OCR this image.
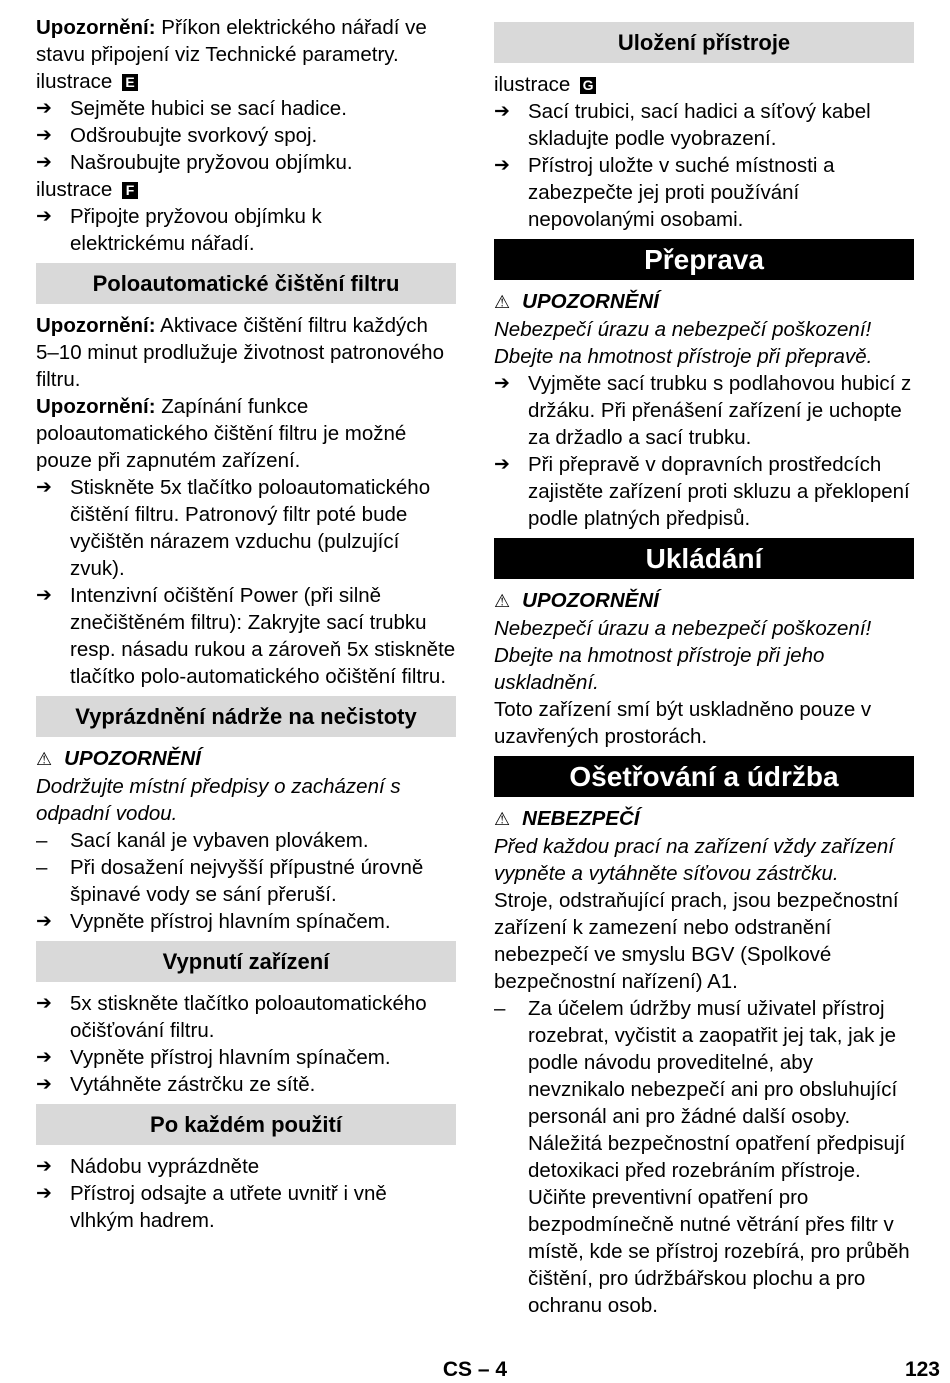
Upozornění: Příkon elektrického nářadí ve stavu připojení viz Technické parametry.

ilustrace E

➔ Sejměte hubici se sací hadice.
➔ Odšroubujte svorkový spoj.
➔ Našroubujte pryžovou objímku.

ilustrace F

➔ Připojte pryžovou objímku k elektrickému nářadí.
Poloautomatické čištění filtru

Upozornění: Aktivace čištění filtru každých 5–10 minut prodlužuje životnost patronového filtru.

Upozornění: Zapínání funkce poloautomatického čištění filtru je možné pouze při zapnutém zařízení.

➔ Stiskněte 5x tlačítko poloautomatického čištění filtru. Patronový filtr poté bude vyčištěn nárazem vzduchu (pulzující zvuk).
➔ Intenzivní očištění Power (při silně znečištěném filtru): Zakryjte sací trubku resp. násadu rukou a zároveň 5x stiskněte tlačítko polo-automatického očištění filtru.
Vyprázdnění nádrže na nečistoty
⚠ UPOZORNĚNÍ

Dodržujte místní předpisy o zacházení s odpadní vodou.

–	Sací kanál je vybaven plovákem.
–	Při dosažení nejvyšší přípustné úrovně špinavé vody se sání přeruší.
➔ Vypněte přístroj hlavním spínačem.
Vypnutí zařízení
➔ 5x stiskněte tlačítko poloautomatického očišťování filtru.
➔ Vypněte přístroj hlavním spínačem.
➔ Vytáhněte zástrčku ze sítě.
Po každém použití
➔ Nádobu vyprázdněte
➔ Přístroj odsajte a utřete uvnitř i vně vlhkým hadrem.
Uložení přístroje

ilustrace G

➔ Sací trubici, sací hadici a síťový kabel skladujte podle vyobrazení.
➔ Přístroj uložte v suché místnosti a zabezpečte jej proti používání nepovolanými osobami.
Přeprava
⚠ UPOZORNĚNÍ

Nebezpečí úrazu a nebezpečí poškození! Dbejte na hmotnost přístroje při přepravě.

➔ Vyjměte sací trubku s podlahovou hubicí z držáku. Při přenášení zařízení je uchopte za držadlo a sací trubku.
➔ Při přepravě v dopravních prostředcích zajistěte zařízení proti skluzu a překlopení podle platných předpisů.
Ukládání
⚠ UPOZORNĚNÍ

Nebezpečí úrazu a nebezpečí poškození! Dbejte na hmotnost přístroje při jeho uskladnění.

Toto zařízení smí být uskladněno pouze v uzavřených prostorách.

Ošetřování a údržba
⚠ NEBEZPEČÍ

Před každou prací na zařízení vždy zařízení vypněte a vytáhněte síťovou zástrčku.

Stroje, odstraňující prach, jsou bezpečnostní zařízení k zamezení nebo odstranění nebezpečí ve smyslu BGV (Spolkové bezpečnostní nařízení) A1.

–	Za účelem údržby musí uživatel přístroj rozebrat, vyčistit a zaopatřit jej tak, jak je podle návodu proveditelné, aby nevznikalo nebezpečí ani pro obsluhující personál ani pro žádné další osoby. Náležitá bezpečnostní opatření předpisují detoxikaci před rozebráním přístroje. Učiňte preventivní opatření pro bezpodmínečně nutné větrání přes filtr v místě, kde se přístroj rozebírá, pro průběh čištění, pro údržbářskou plochu a pro ochranu osob.
CS – 4	123
